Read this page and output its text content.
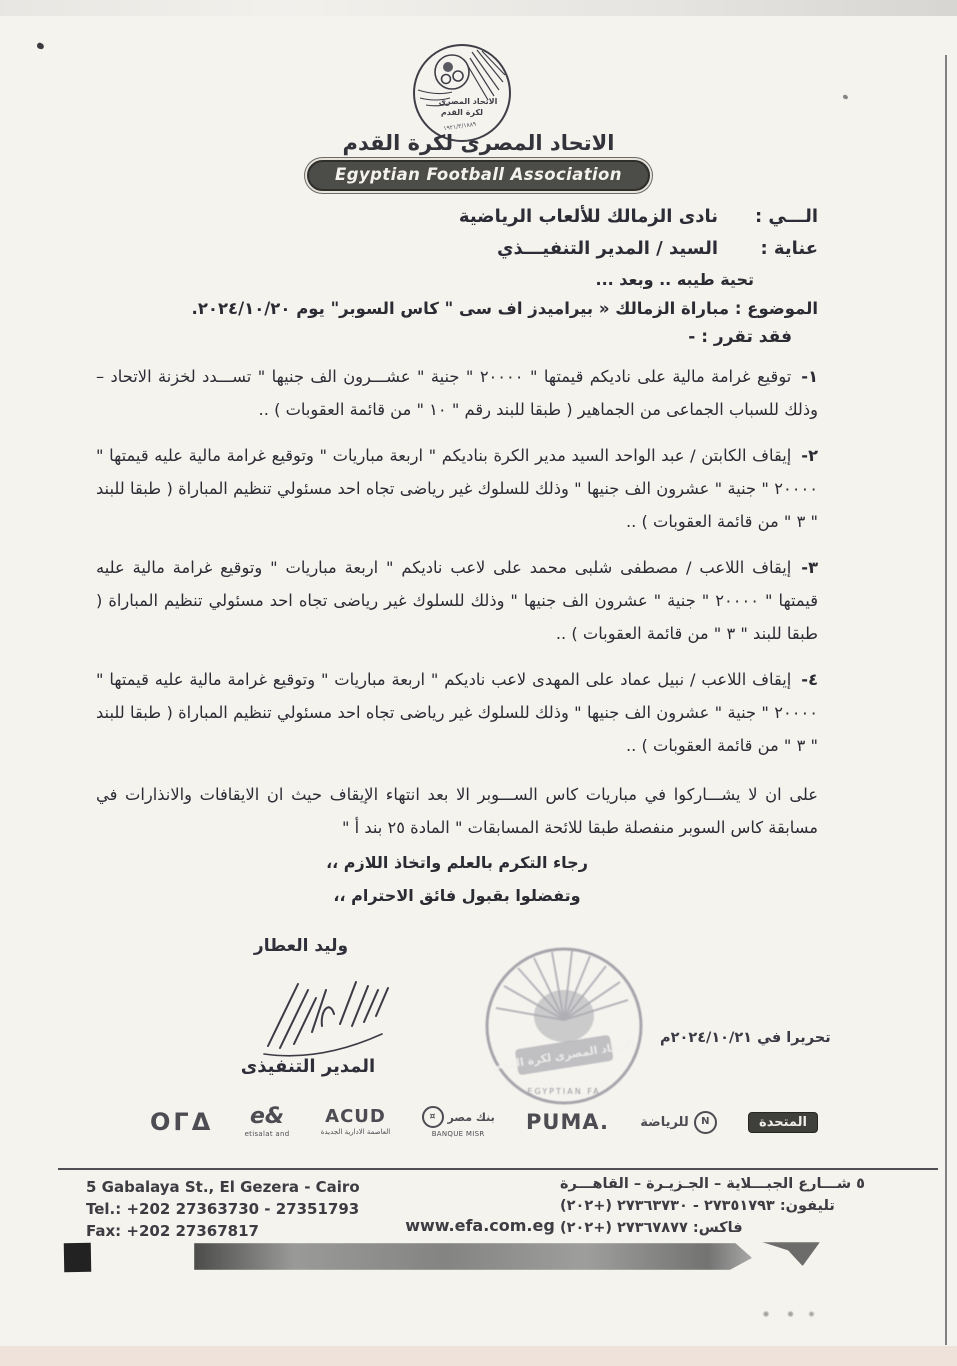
الاتحاد المصرى
لكرة القدم
١٩٢١/٣/١٨٨٩
الاتحاد المصرى لكرة القدم
Egyptian Football Association
الـــي :نادى الزمالك للألعاب الرياضية
عناية :السيد / المدير التنفيـــذي
تحية طيبه .. وبعد ...
الموضوع : مباراة الزمالك « بيراميدز اف سى " كاس السوبر" يوم ٢٠٢٤/١٠/٢٠.
فقد تقرر : -
١-توقيع غرامة مالية على ناديكم قيمتها " ٢٠٠٠٠ " جنية " عشـــرون الف جنيها " تســـدد لخزنة الاتحاد – وذلك للسباب الجماعى من الجماهير ( طبقا للبند رقم " ١٠ " من قائمة العقوبات ) ..
٢-إيقاف الكابتن / عبد الواحد السيد مدير الكرة بناديكم " اربعة مباريات " وتوقيع غرامة مالية عليه قيمتها " ٢٠٠٠٠ " جنية " عشرون الف جنيها " وذلك للسلوك غير رياضى تجاه احد مسئولي تنظيم المباراة ( طبقا للبند " ٣ " من قائمة العقوبات ) ..
٣-إيقاف اللاعب / مصطفى شلبى محمد على لاعب ناديكم " اربعة مباريات " وتوقيع غرامة مالية عليه قيمتها " ٢٠٠٠٠ " جنية " عشرون الف جنيها " وذلك للسلوك غير رياضى تجاه احد مسئولي تنظيم المباراة ( طبقا للبند " ٣ " من قائمة العقوبات ) ..
٤-إيقاف اللاعب / نبيل عماد على المهدى لاعب ناديكم " اربعة مباريات " وتوقيع غرامة مالية عليه قيمتها " ٢٠٠٠٠ " جنية " عشرون الف جنيها " وذلك للسلوك غير رياضى تجاه احد مسئولي تنظيم المباراة ( طبقا للبند " ٣ " من قائمة العقوبات ) ..
على ان لا يشـــاركوا في مباريات كاس الســـوبر الا بعد انتهاء الإيقاف حيث ان الايقافات والانذارات في مسابقة كاس السوبر منفصلة طبقا للائحة المسابقات " المادة ٢٥ بند أ "
رجاء التكرم بالعلم واتخاذ اللازم ،،
وتفضلوا بقبول فائق الاحترام ،،
وليد العطار
المدير التنفيذى	الاتحاد المصرى لكرة القدم
EGYPTIAN FA
تحريرا في ٢٠٢٤/١٠/٢١م
OΓΔ e&
etisalat and
ACUD
العاصمة الادارية الجديدة
¤	بنك مصر
BANQUE MISR
PUMA.	N
للرياضة	المتحدة
5 Gabalaya St., El Gezera - Cairo
Tel.: +202 27363730 - 27351793
Fax: +202 27367817	www.efa.com.eg
٥ شـــارع الجبـــلاية – الجـزيـرة – القاهـــرة
تليفون: ٢٧٣٥١٧٩٣ - ٢٧٣٦٣٧٣٠ (+٢٠٢)
فاكس: ٢٧٣٦٧٨٧٧ (+٢٠٢)
